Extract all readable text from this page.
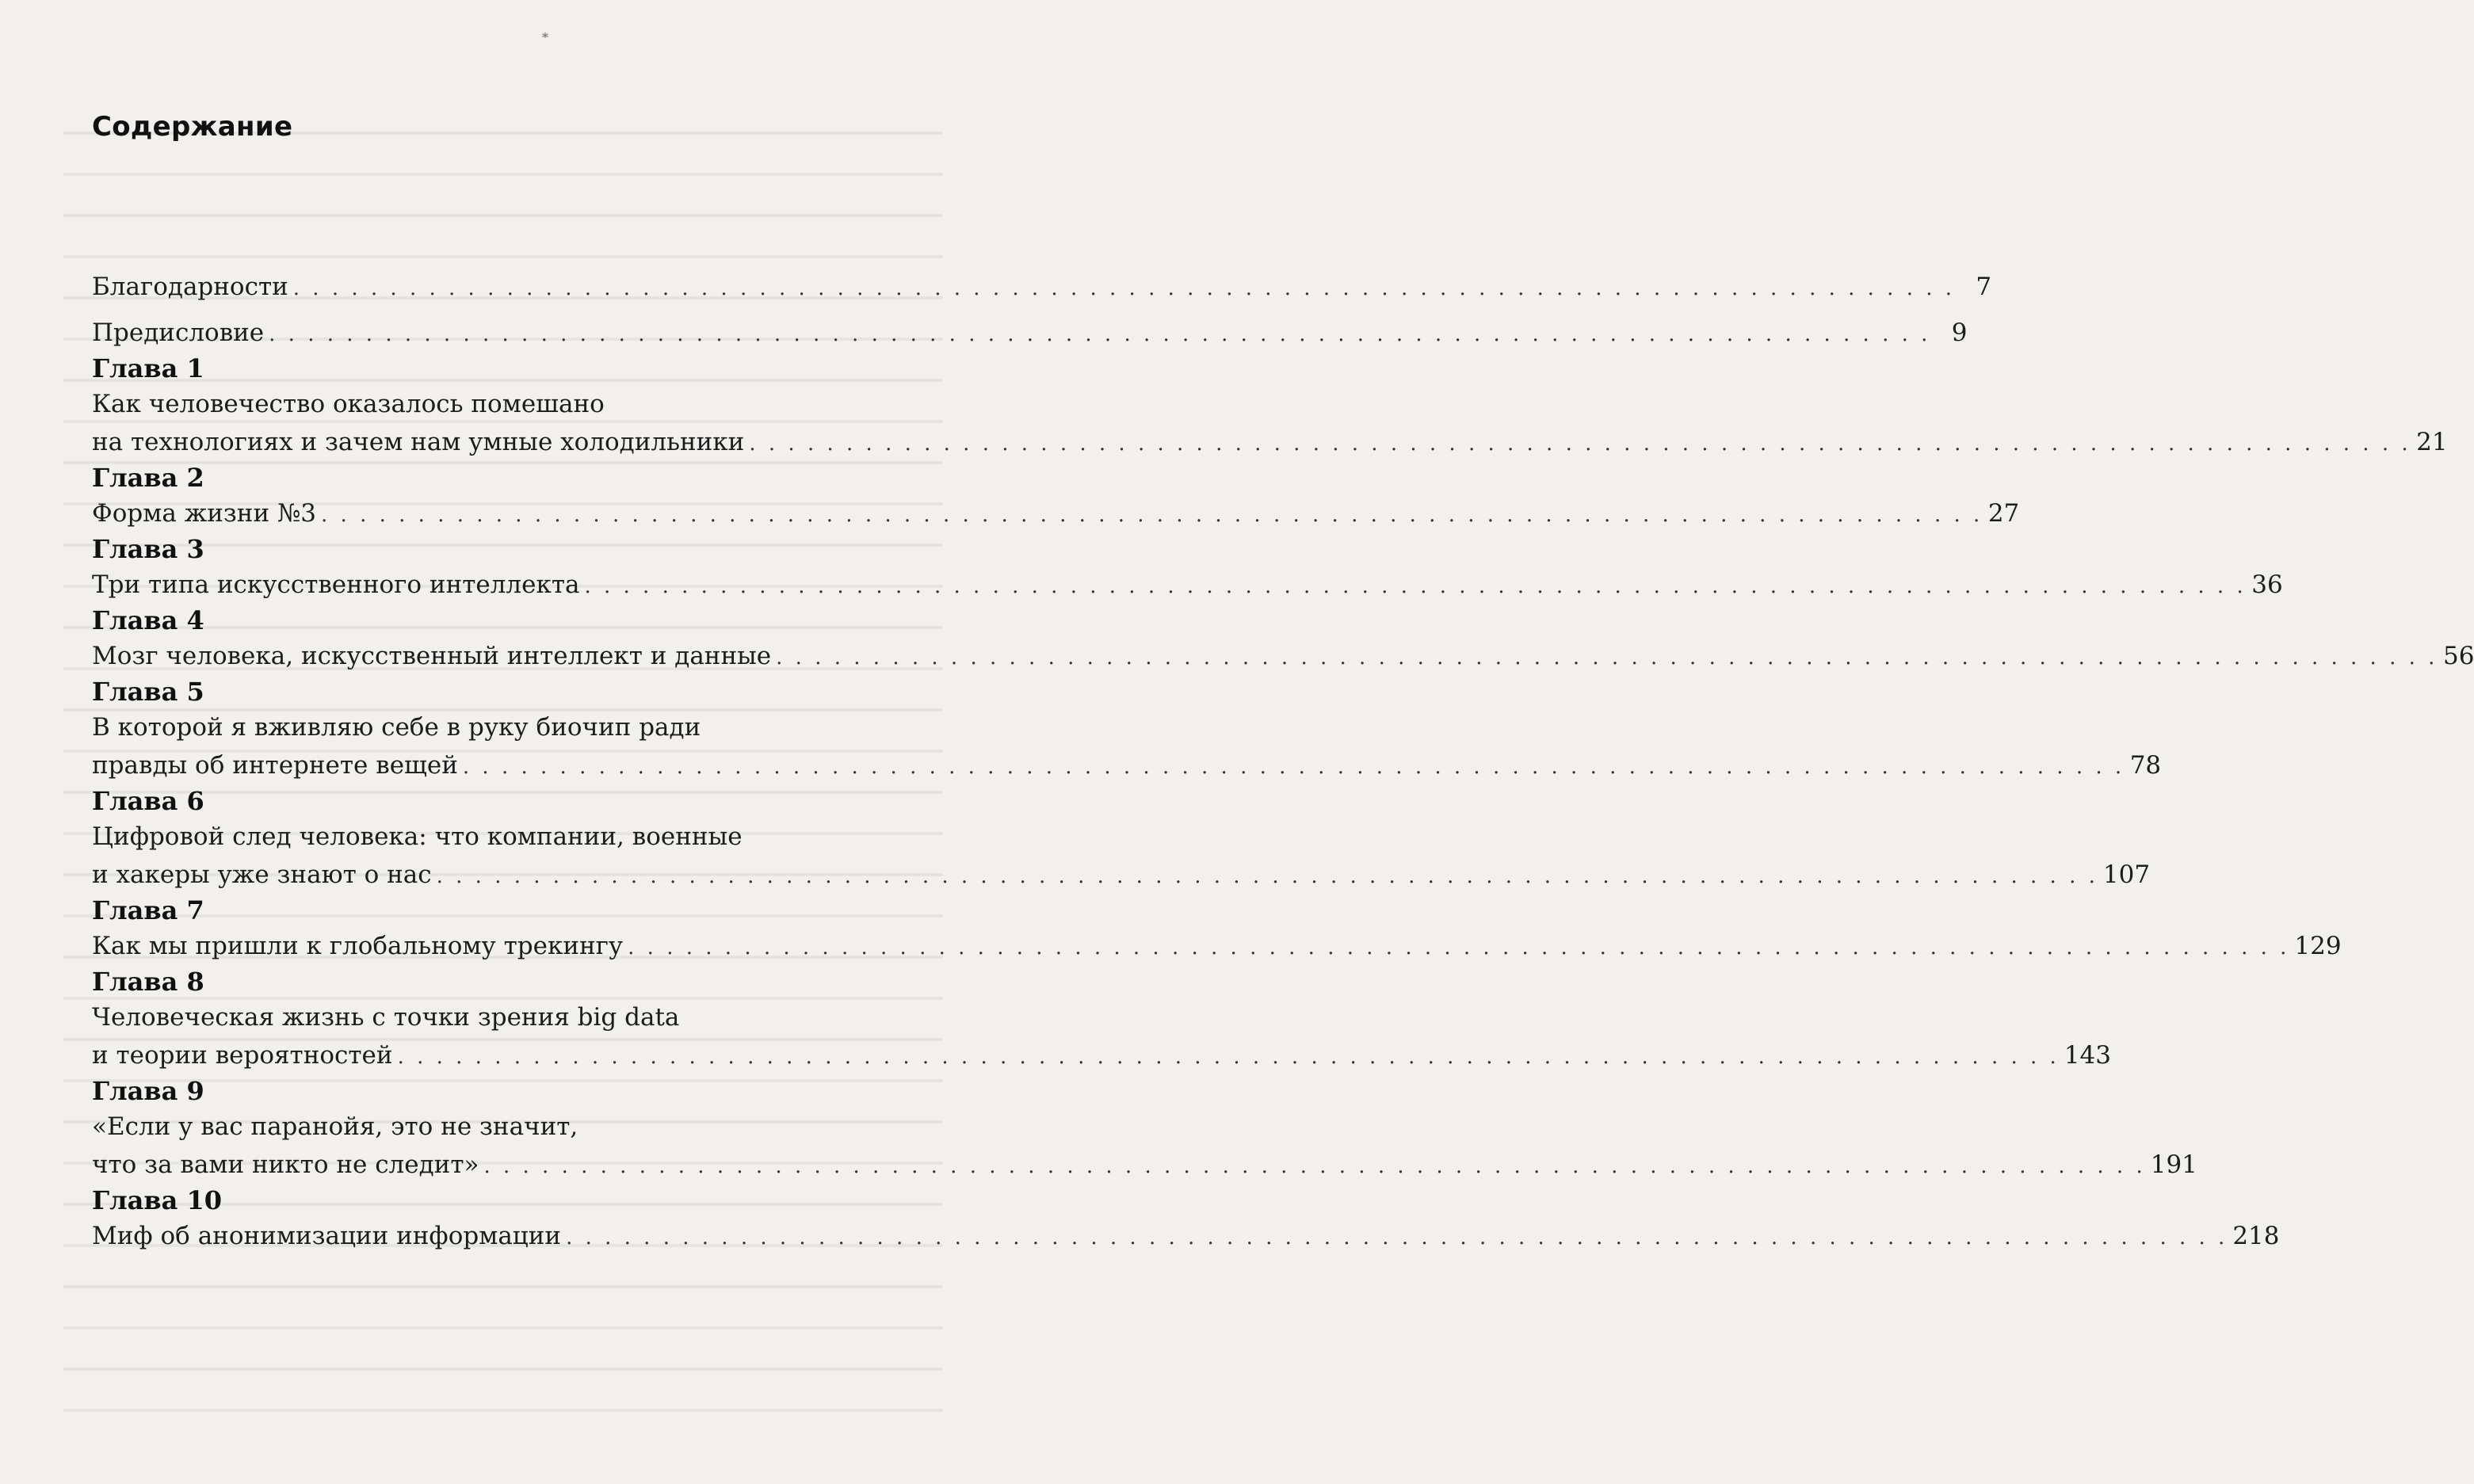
*
Содержание
Благодарности . . . . . . . . . . . . . . . . . . . . . . . . . . . . . . . . . . . . . . . . . . . . . . . . . . . . . . . . . . . . . . . . . . . . . . . . . . . . . . . . . . . . . . 7
Предисловие . . . . . . . . . . . . . . . . . . . . . . . . . . . . . . . . . . . . . . . . . . . . . . . . . . . . . . . . . . . . . . . . . . . . . . . . . . . . . . . . . . . . . . 9
Глава 1
Как человечество оказалось помешано
на технологиях и зачем нам умные холодильники . . . . . . . . . . . . . . . . . . . . . . . . . . . . . . . . . . . . . . . . . . . . . . . . . . . . . . . . . . . . . . . . . . . . . . . . . . . . . . . . . . . . . . 21
Глава 2
Форма жизни №3 . . . . . . . . . . . . . . . . . . . . . . . . . . . . . . . . . . . . . . . . . . . . . . . . . . . . . . . . . . . . . . . . . . . . . . . . . . . . . . . . . . . . . . 27
Глава 3
Три типа искусственного интеллекта . . . . . . . . . . . . . . . . . . . . . . . . . . . . . . . . . . . . . . . . . . . . . . . . . . . . . . . . . . . . . . . . . . . . . . . . . . . . . . . . . . . . . . 36
Глава 4
Мозг человека, искусственный интеллект и данные . . . . . . . . . . . . . . . . . . . . . . . . . . . . . . . . . . . . . . . . . . . . . . . . . . . . . . . . . . . . . . . . . . . . . . . . . . . . . . . . . . . . . . 56
Глава 5
В которой я вживляю себе в руку биочип ради
правды об интернете вещей . . . . . . . . . . . . . . . . . . . . . . . . . . . . . . . . . . . . . . . . . . . . . . . . . . . . . . . . . . . . . . . . . . . . . . . . . . . . . . . . . . . . . . 78
Глава 6
Цифровой след человека: что компании, военные
и хакеры уже знают о нас . . . . . . . . . . . . . . . . . . . . . . . . . . . . . . . . . . . . . . . . . . . . . . . . . . . . . . . . . . . . . . . . . . . . . . . . . . . . . . . . . . . . . . 107
Глава 7
Как мы пришли к глобальному трекингу . . . . . . . . . . . . . . . . . . . . . . . . . . . . . . . . . . . . . . . . . . . . . . . . . . . . . . . . . . . . . . . . . . . . . . . . . . . . . . . . . . . . . . 129
Глава 8
Человеческая жизнь с точки зрения big data
и теории вероятностей . . . . . . . . . . . . . . . . . . . . . . . . . . . . . . . . . . . . . . . . . . . . . . . . . . . . . . . . . . . . . . . . . . . . . . . . . . . . . . . . . . . . . . 143
Глава 9
«Если у вас паранойя, это не значит,
что за вами никто не следит» . . . . . . . . . . . . . . . . . . . . . . . . . . . . . . . . . . . . . . . . . . . . . . . . . . . . . . . . . . . . . . . . . . . . . . . . . . . . . . . . . . . . . . 191
Глава 10
Миф об анонимизации информации . . . . . . . . . . . . . . . . . . . . . . . . . . . . . . . . . . . . . . . . . . . . . . . . . . . . . . . . . . . . . . . . . . . . . . . . . . . . . . . . . . . . . . 218
